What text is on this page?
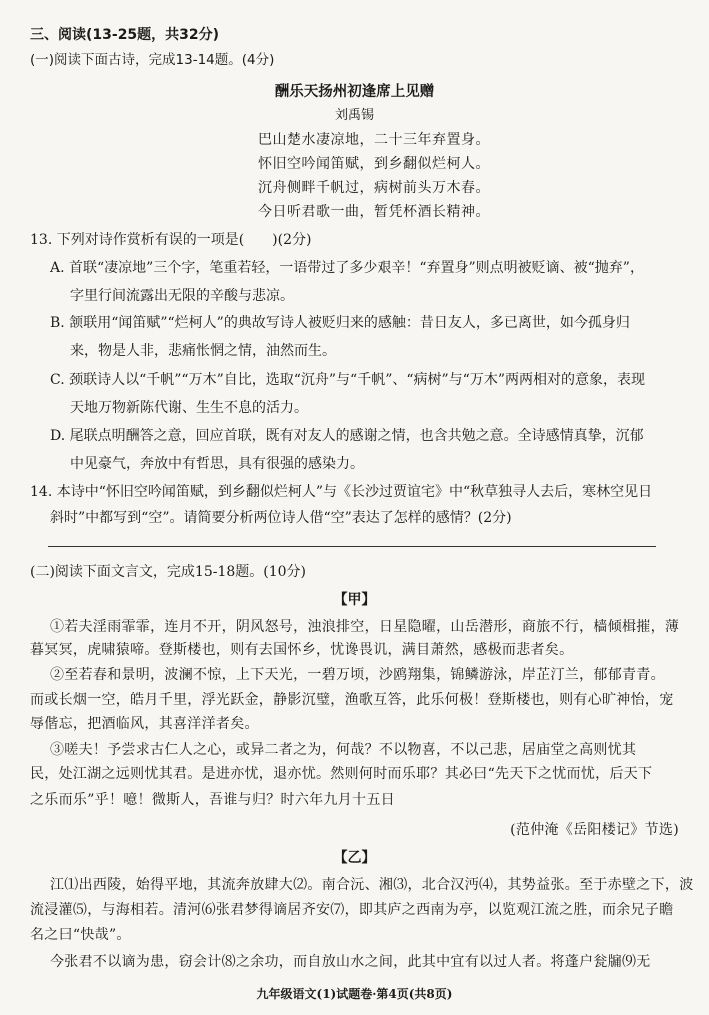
三、阅读(13-25题，共32分)
(一)阅读下面古诗，完成13-14题。(4分)
酬乐天扬州初逢席上见赠
刘禹锡
巴山楚水凄凉地，二十三年弃置身。
怀旧空吟闻笛赋，到乡翻似烂柯人。
沉舟侧畔千帆过，病树前头万木春。
今日听君歌一曲，暂凭杯酒长精神。
13. 下列对诗作赏析有误的一项是(　　)(2分)
A. 首联“凄凉地”三个字，笔重若轻，一语带过了多少艰辛！“弃置身”则点明被贬谪、被“抛弃”，
字里行间流露出无限的辛酸与悲凉。
B. 颔联用“闻笛赋”“烂柯人”的典故写诗人被贬归来的感触：昔日友人，多已离世，如今孤身归
来，物是人非，悲痛怅惘之情，油然而生。
C. 颈联诗人以“千帆”“万木”自比，选取“沉舟”与“千帆”、“病树”与“万木”两两相对的意象，表现
天地万物新陈代谢、生生不息的活力。
D. 尾联点明酬答之意，回应首联，既有对友人的感谢之情，也含共勉之意。全诗感情真挚，沉郁
中见豪气，奔放中有哲思，具有很强的感染力。
14. 本诗中“怀旧空吟闻笛赋，到乡翻似烂柯人”与《长沙过贾谊宅》中“秋草独寻人去后，寒林空见日
斜时”中都写到“空”。请简要分析两位诗人借“空”表达了怎样的感情？(2分)
(二)阅读下面文言文，完成15-18题。(10分)
【甲】
①若夫淫雨霏霏，连月不开，阴风怒号，浊浪排空，日星隐曜，山岳潜形，商旅不行，樯倾楫摧，薄
暮冥冥，虎啸猿啼。登斯楼也，则有去国怀乡，忧谗畏讥，满目萧然，感极而悲者矣。
②至若春和景明，波澜不惊，上下天光，一碧万顷，沙鸥翔集，锦鳞游泳，岸芷汀兰，郁郁青青。
而或长烟一空，皓月千里，浮光跃金，静影沉璧，渔歌互答，此乐何极！登斯楼也，则有心旷神怡，宠
辱偕忘，把酒临风，其喜洋洋者矣。
③嗟夫！予尝求古仁人之心，或异二者之为，何哉？不以物喜，不以己悲，居庙堂之高则忧其
民，处江湖之远则忧其君。是进亦忧，退亦忧。然则何时而乐耶？其必曰“先天下之忧而忧，后天下
之乐而乐”乎！噫！微斯人，吾谁与归？时六年九月十五日
(范仲淹《岳阳楼记》节选)
【乙】
江⑴出西陵，始得平地，其流奔放肆大⑵。南合沅、湘⑶，北合汉沔⑷，其势益张。至于赤壁之下，波
流浸灌⑸，与海相若。清河⑹张君梦得谪居齐安⑺，即其庐之西南为亭，以览观江流之胜，而余兄子瞻
名之曰“快哉”。
今张君不以谪为患，窃会计⑻之余功，而自放山水之间，此其中宜有以过人者。将蓬户瓮牖⑼无
九年级语文(1)试题卷·第4页(共8页)
